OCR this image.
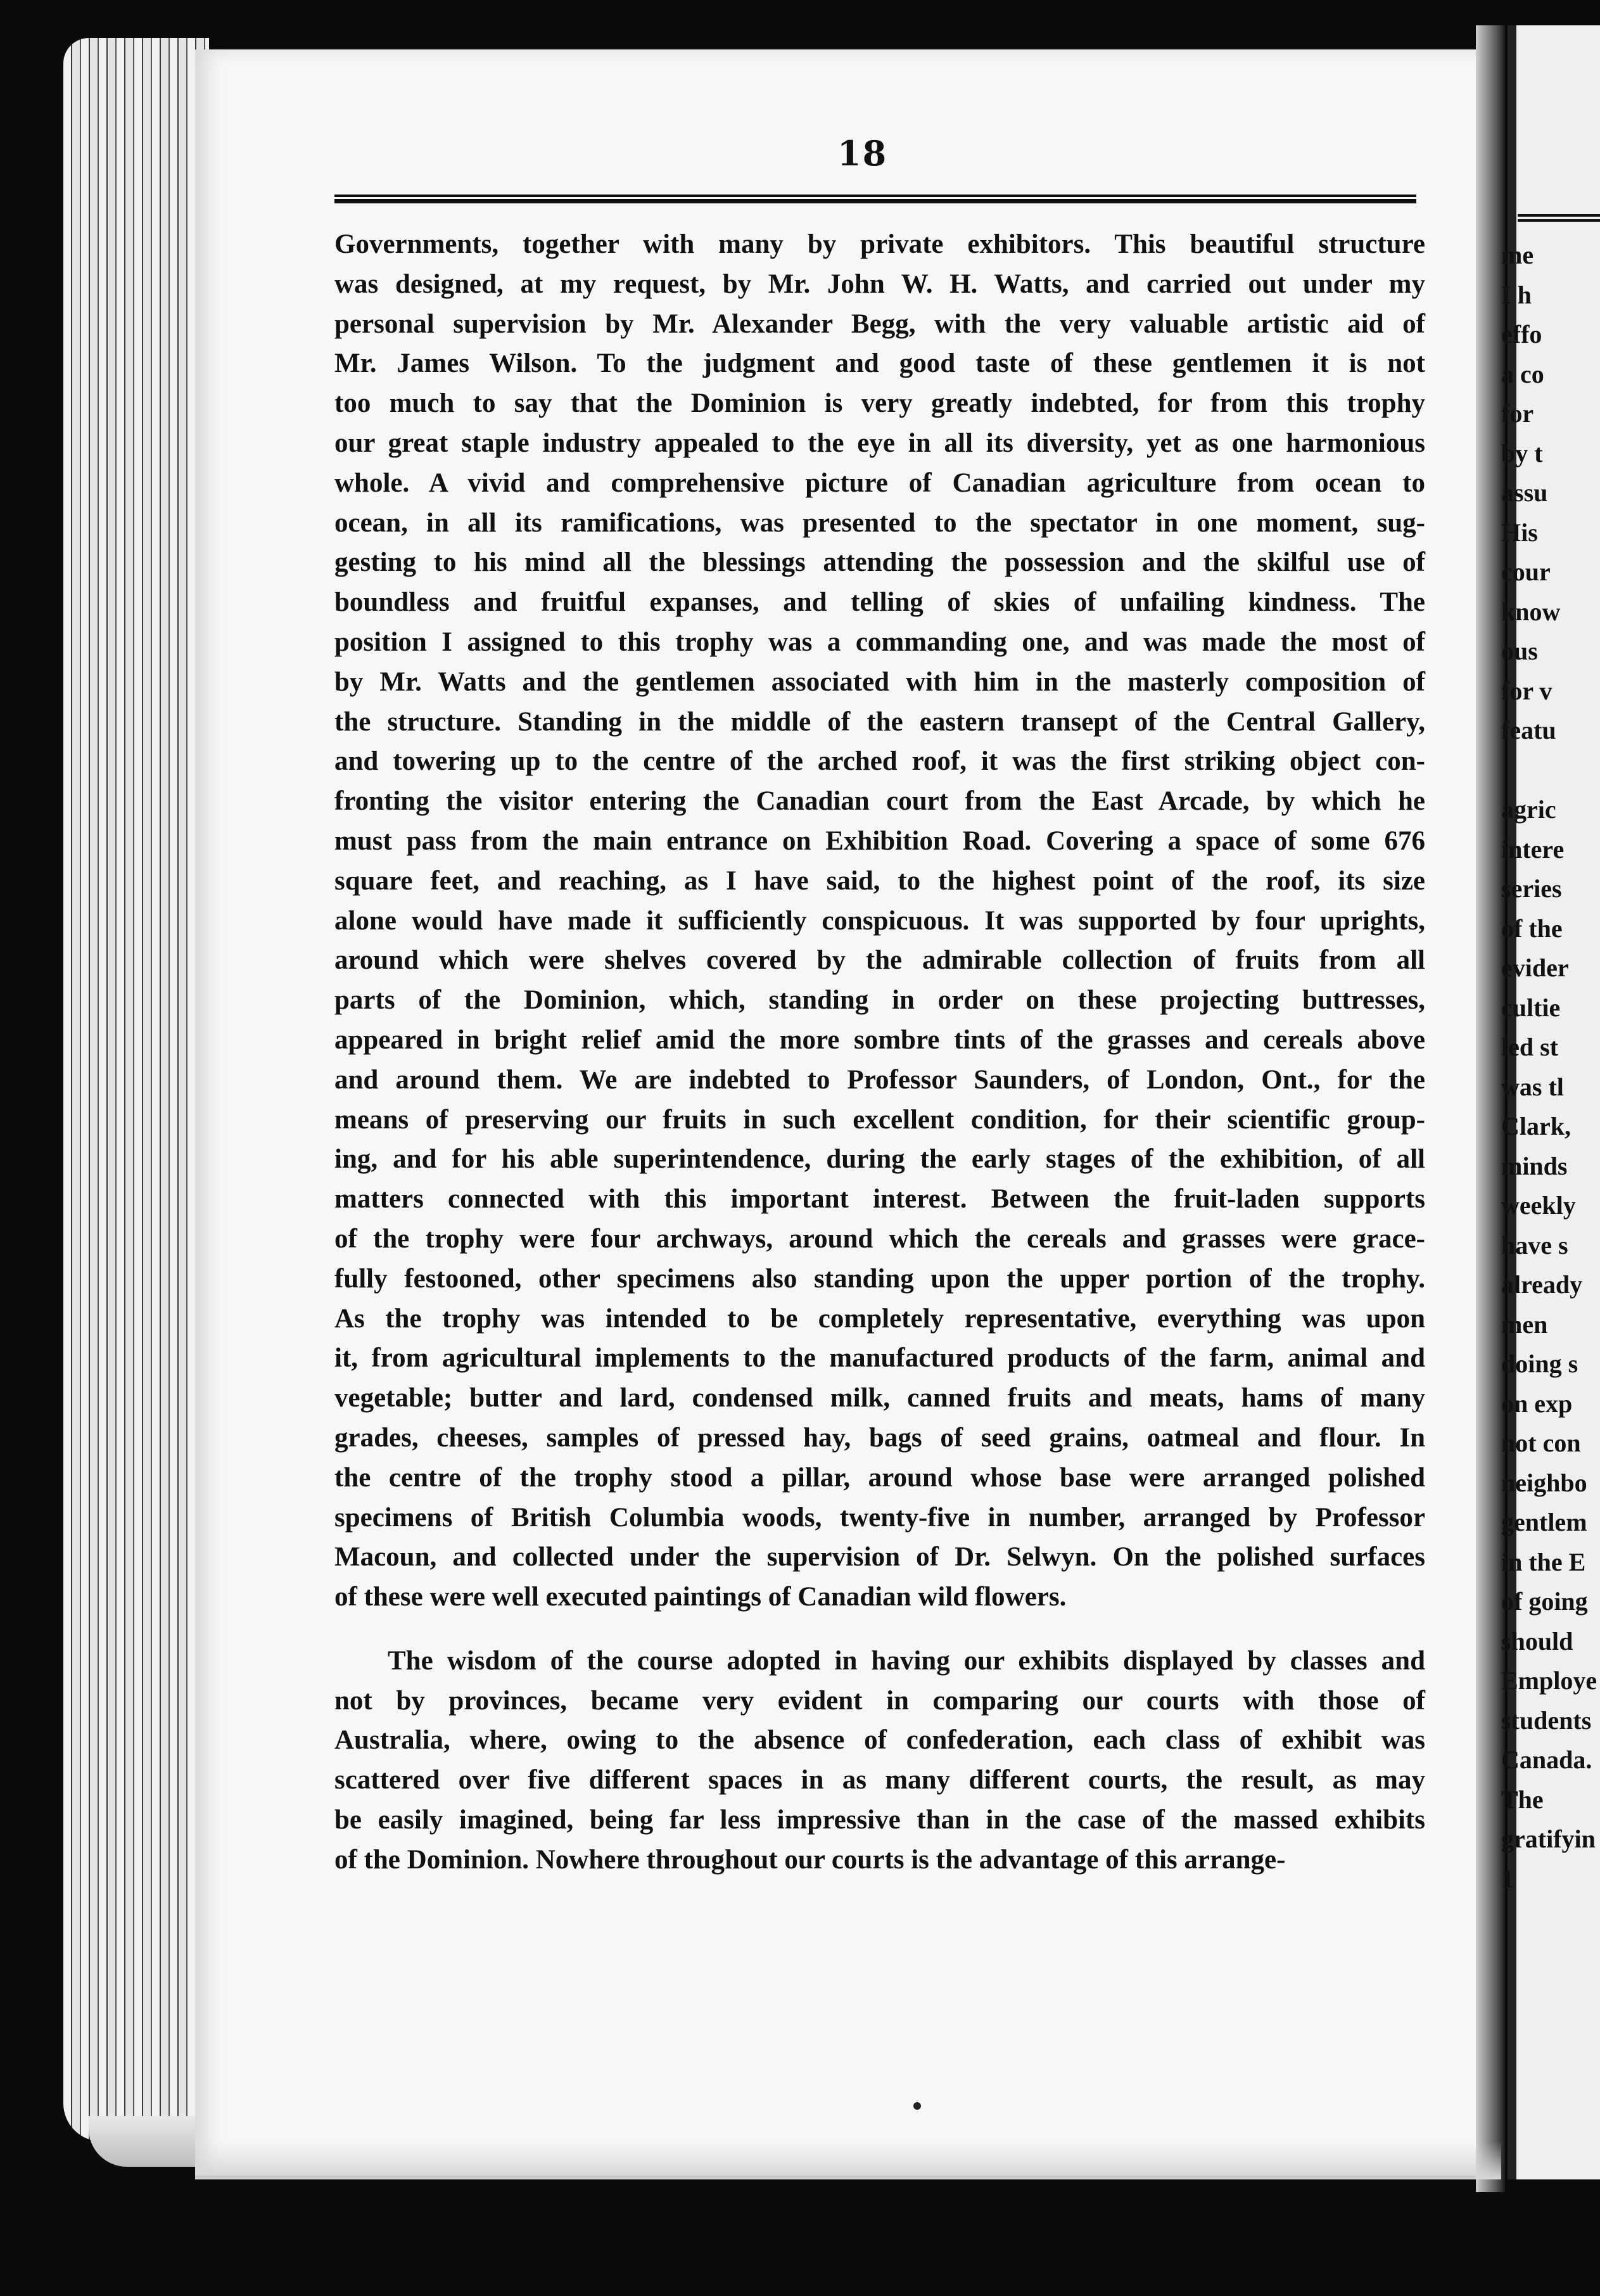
18
Governments, together with many by private exhibitors. This beautiful structure
was designed, at my request, by Mr. John W. H. Watts, and carried out under my
personal supervision by Mr. Alexander Begg, with the very valuable artistic aid of
Mr. James Wilson. To the judgment and good taste of these gentlemen it is not
too much to say that the Dominion is very greatly indebted, for from this trophy
our great staple industry appealed to the eye in all its diversity, yet as one harmonious
whole. A vivid and comprehensive picture of Canadian agriculture from ocean to
ocean, in all its ramifications, was presented to the spectator in one moment, sug-
gesting to his mind all the blessings attending the possession and the skilful use of
boundless and fruitful expanses, and telling of skies of unfailing kindness. The
position I assigned to this trophy was a commanding one, and was made the most of
by Mr. Watts and the gentlemen associated with him in the masterly composition of
the structure. Standing in the middle of the eastern transept of the Central Gallery,
and towering up to the centre of the arched roof, it was the first striking object con-
fronting the visitor entering the Canadian court from the East Arcade, by which he
must pass from the main entrance on Exhibition Road. Covering a space of some 676
square feet, and reaching, as I have said, to the highest point of the roof, its size
alone would have made it sufficiently conspicuous. It was supported by four uprights,
around which were shelves covered by the admirable collection of fruits from all
parts of the Dominion, which, standing in order on these projecting buttresses,
appeared in bright relief amid the more sombre tints of the grasses and cereals above
and around them. We are indebted to Professor Saunders, of London, Ont., for the
means of preserving our fruits in such excellent condition, for their scientific group-
ing, and for his able superintendence, during the early stages of the exhibition, of all
matters connected with this important interest. Between the fruit-laden supports
of the trophy were four archways, around which the cereals and grasses were grace-
fully festooned, other specimens also standing upon the upper portion of the trophy.
As the trophy was intended to be completely representative, everything was upon
it, from agricultural implements to the manufactured products of the farm, animal and
vegetable; butter and lard, condensed milk, canned fruits and meats, hams of many
grades, cheeses, samples of pressed hay, bags of seed grains, oatmeal and flour. In
the centre of the trophy stood a pillar, around whose base were arranged polished
specimens of British Columbia woods, twenty-five in number, arranged by Professor
Macoun, and collected under the supervision of Dr. Selwyn. On the polished surfaces
of these were well executed paintings of Canadian wild flowers.
The wisdom of the course adopted in having our exhibits displayed by classes and
not by provinces, became very evident in comparing our courts with those of
Australia, where, owing to the absence of confederation, each class of exhibit was
scattered over five different spaces in as many different courts, the result, as may
be easily imagined, being far less impressive than in the case of the massed exhibits
of the Dominion. Nowhere throughout our courts is the advantage of this arrange-
me
I h
effo
a co
for
by t
assu
His
cour
know
ous
for v
featu

agric
intere
series
of the
evider
cultie
led st
was tl
Clark,
minds
weekly
have s
already
men
doing s
on exp
not con
neighbo
gentlem
in the E
of going
should
Employe
students
Canada.
The
gratifyin
1
